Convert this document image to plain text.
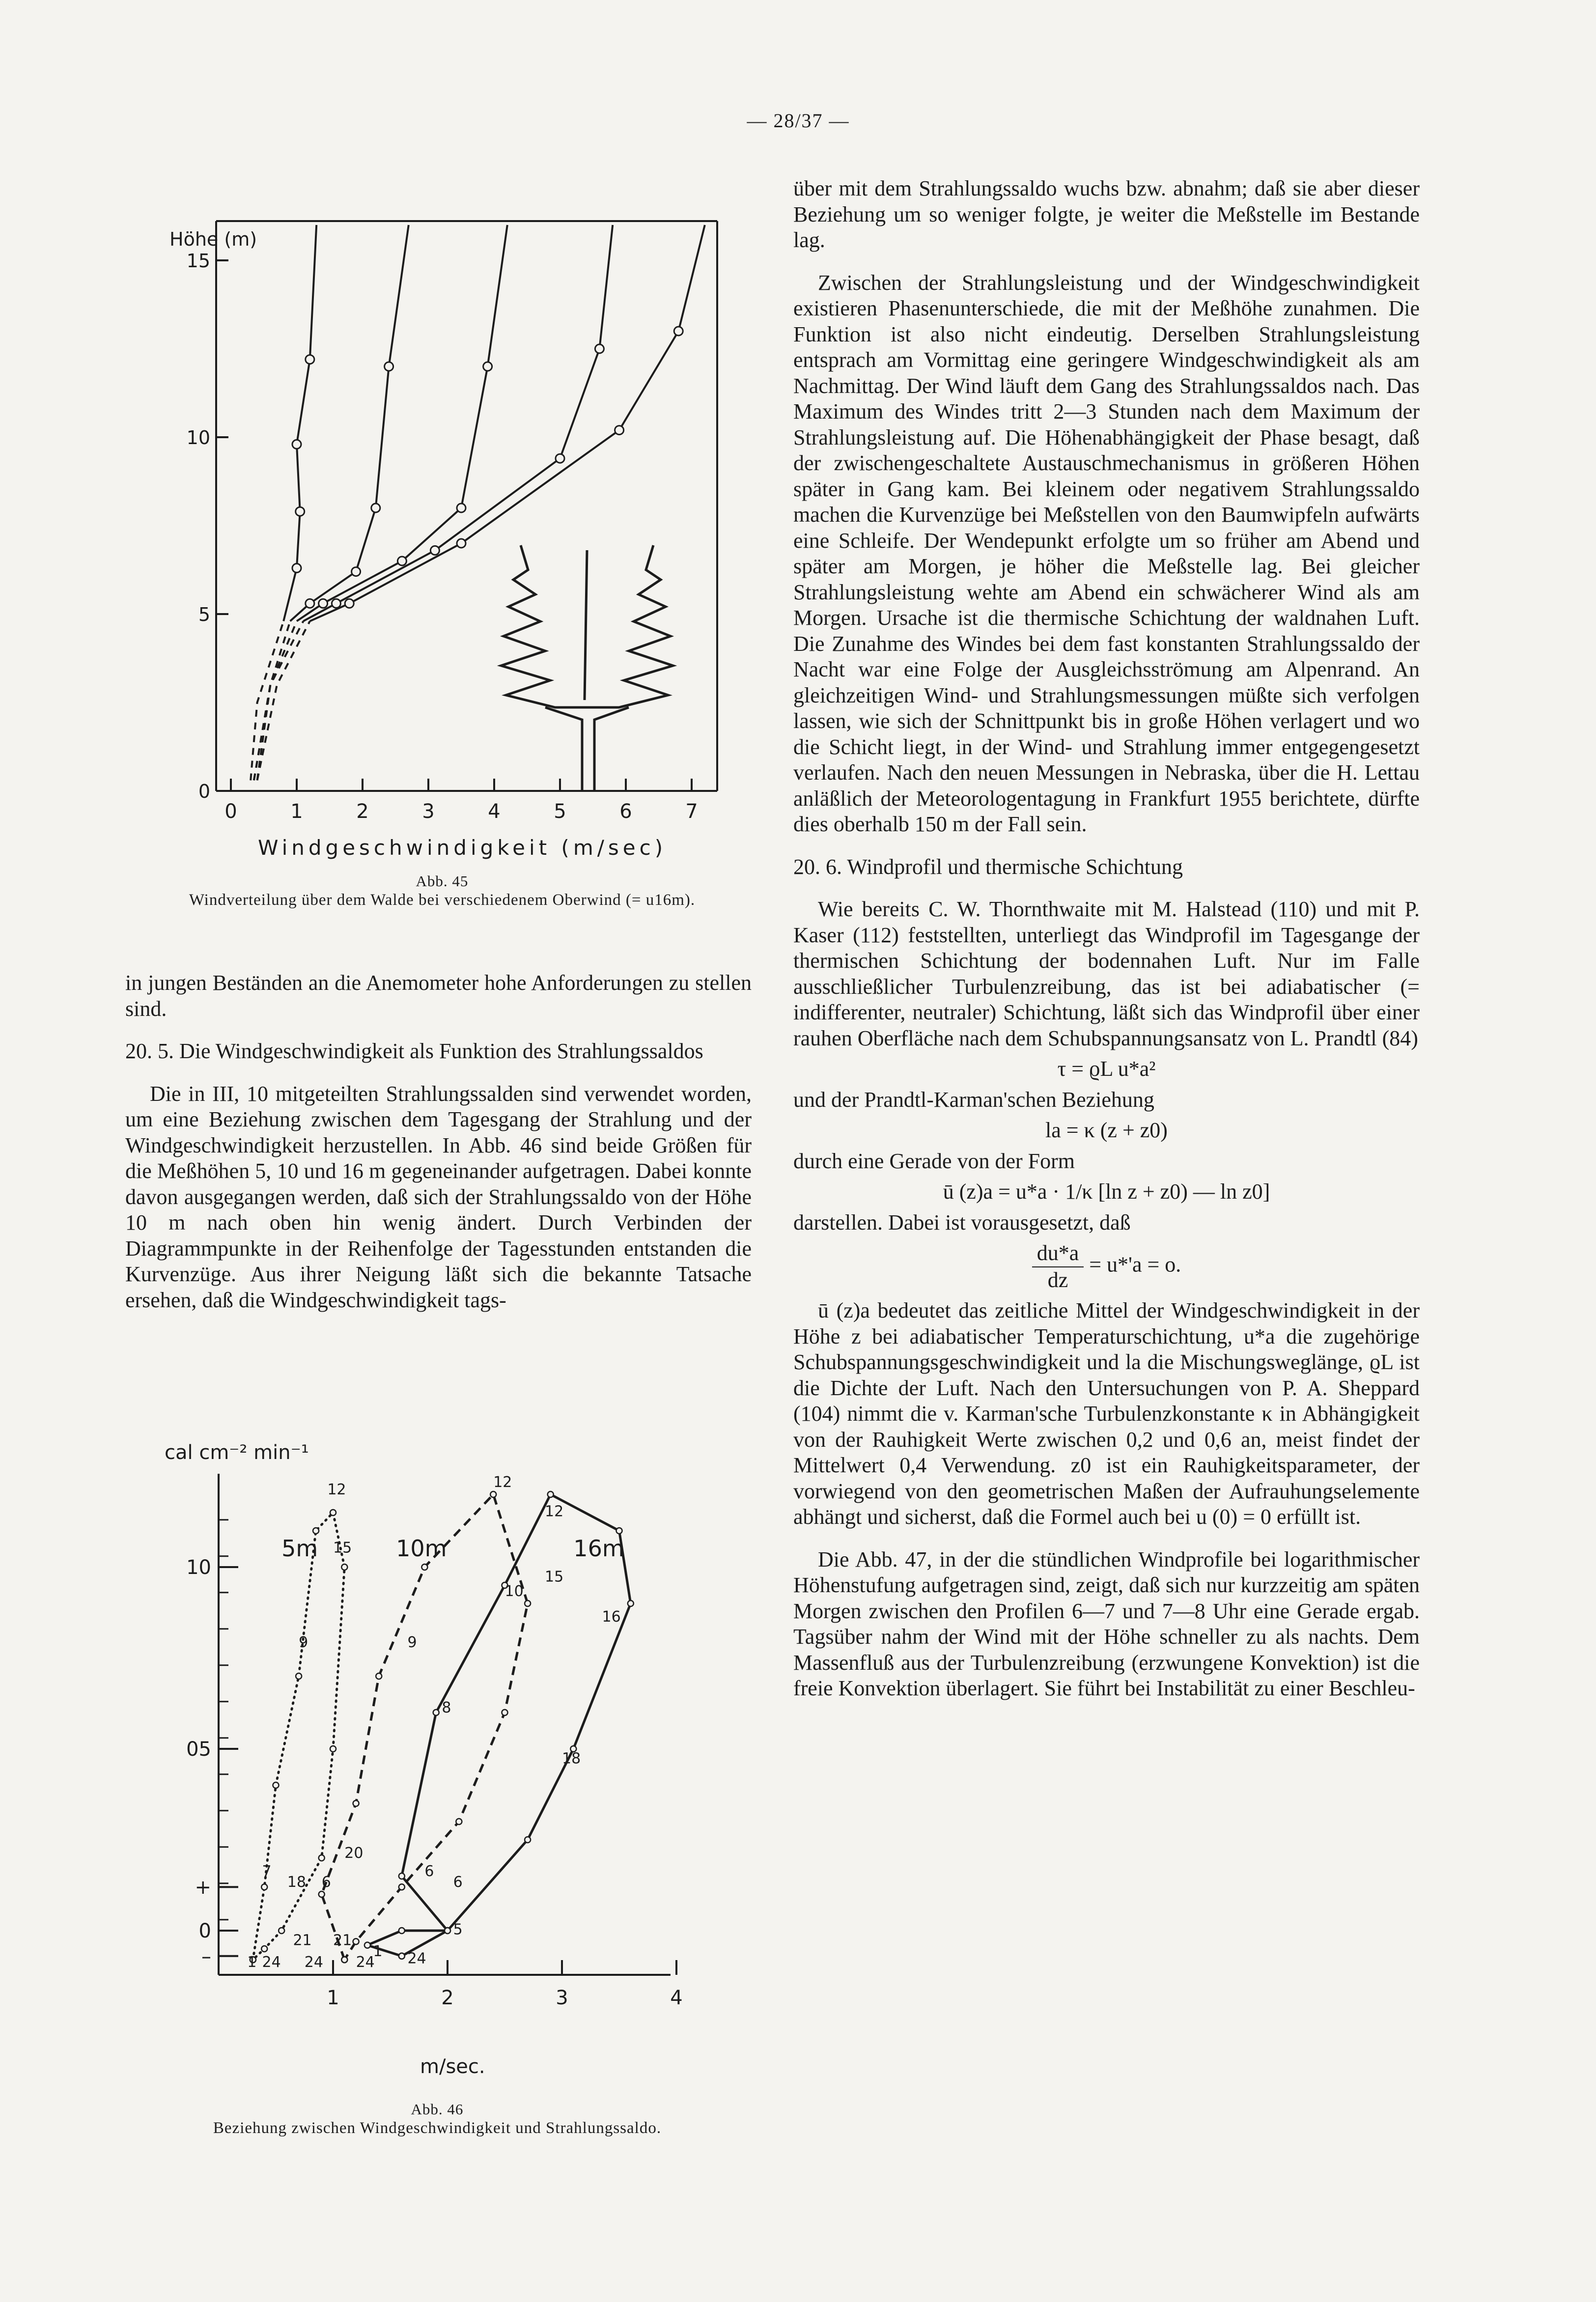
— 28/37 —
Höhe (m)
0
5
10
15
0	1	2	3	4	5	6	7
Windgeschwindigkeit (m/sec)
Abb. 45
Windverteilung über dem Walde bei verschiedenem Oberwind (= u16m).

in jungen Beständen an die Anemometer hohe Anforderungen zu stellen sind.

20. 5. Die Windgeschwindigkeit als Funktion des Strahlungssaldos

Die in III, 10 mitgeteilten Strahlungssalden sind verwendet worden, um eine Beziehung zwischen dem Tagesgang der Strahlung und der Windgeschwindigkeit herzustellen. In Abb. 46 sind beide Größen für die Meßhöhen 5, 10 und 16 m gegeneinander aufgetragen. Dabei konnte davon ausgegangen werden, daß sich der Strahlungssaldo von der Höhe 10 m nach oben hin wenig ändert. Durch Verbinden der Diagrammpunkte in der Reihenfolge der Tagesstunden entstanden die Kurvenzüge. Aus ihrer Neigung läßt sich die bekannte Tatsache ersehen, daß die Windgeschwindigkeit tags-

cal cm⁻² min⁻¹
10
05
+
0
–
1	2	3	4
5m	10m	16m
12
15
9
7
18 6
1 24
21
24
12
10
9
8
20
6
21
24
1
12
15
16
18
6
5
24
m/sec.
Abb. 46
Beziehung zwischen Windgeschwindigkeit und Strahlungssaldo.

über mit dem Strahlungssaldo wuchs bzw. abnahm; daß sie aber dieser Beziehung um so weniger folgte, je weiter die Meßstelle im Bestande lag.

Zwischen der Strahlungsleistung und der Windgeschwindigkeit existieren Phasenunterschiede, die mit der Meßhöhe zunahmen. Die Funktion ist also nicht eindeutig. Derselben Strahlungsleistung entsprach am Vormittag eine geringere Windgeschwindigkeit als am Nachmittag. Der Wind läuft dem Gang des Strahlungssaldos nach. Das Maximum des Windes tritt 2—3 Stunden nach dem Maximum der Strahlungsleistung auf. Die Höhenabhängigkeit der Phase besagt, daß der zwischengeschaltete Austauschmechanismus in größeren Höhen später in Gang kam. Bei kleinem oder negativem Strahlungssaldo machen die Kurvenzüge bei Meßstellen von den Baumwipfeln aufwärts eine Schleife. Der Wendepunkt erfolgte um so früher am Abend und später am Morgen, je höher die Meßstelle lag. Bei gleicher Strahlungsleistung wehte am Abend ein schwächerer Wind als am Morgen. Ursache ist die thermische Schichtung der waldnahen Luft. Die Zunahme des Windes bei dem fast konstanten Strahlungssaldo der Nacht war eine Folge der Ausgleichsströmung am Alpenrand. An gleichzeitigen Wind- und Strahlungsmessungen müßte sich verfolgen lassen, wie sich der Schnittpunkt bis in große Höhen verlagert und wo die Schicht liegt, in der Wind- und Strahlung immer entgegengesetzt verlaufen. Nach den neuen Messungen in Nebraska, über die H. Lettau anläßlich der Meteorologentagung in Frankfurt 1955 berichtete, dürfte dies oberhalb 150 m der Fall sein.

20. 6. Windprofil und thermische Schichtung

Wie bereits C. W. Thornthwaite mit M. Halstead (110) und mit P. Kaser (112) feststellten, unterliegt das Windprofil im Tagesgange der thermischen Schichtung der bodennahen Luft. Nur im Falle ausschließlicher Turbulenzreibung, das ist bei adiabatischer (= indifferenter, neutraler) Schichtung, läßt sich das Windprofil über einer rauhen Oberfläche nach dem Schubspannungsansatz von L. Prandtl (84)

τ = ϱL u*a²

und der Prandtl-Karman'schen Beziehung

la = κ (z + z0)

durch eine Gerade von der Form

ū (z)a = u*a · 1/κ [ln z + z0) — ln z0]

darstellen. Dabei ist vorausgesetzt, daß

$\frac{du*a}{dz} = u*'a = o$.

ū (z)a bedeutet das zeitliche Mittel der Windgeschwindigkeit in der Höhe z bei adiabatischer Temperaturschichtung, u*a die zugehörige Schubspannungsgeschwindigkeit und la die Mischungsweglänge, ϱL ist die Dichte der Luft. Nach den Untersuchungen von P. A. Sheppard (104) nimmt die v. Karman'sche Turbulenzkonstante κ in Abhängigkeit von der Rauhigkeit Werte zwischen 0,2 und 0,6 an, meist findet der Mittelwert 0,4 Verwendung. z0 ist ein Rauhigkeitsparameter, der vorwiegend von den geometrischen Maßen der Aufrauhungselemente abhängt und sicherst, daß die Formel auch bei u (0) = 0 erfüllt ist.

Die Abb. 47, in der die stündlichen Windprofile bei logarithmischer Höhenstufung aufgetragen sind, zeigt, daß sich nur kurzzeitig am späten Morgen zwischen den Profilen 6—7 und 7—8 Uhr eine Gerade ergab. Tagsüber nahm der Wind mit der Höhe schneller zu als nachts. Dem Massenfluß aus der Turbulenzreibung (erzwungene Konvektion) ist die freie Konvektion überlagert. Sie führt bei Instabilität zu einer Beschleu-
